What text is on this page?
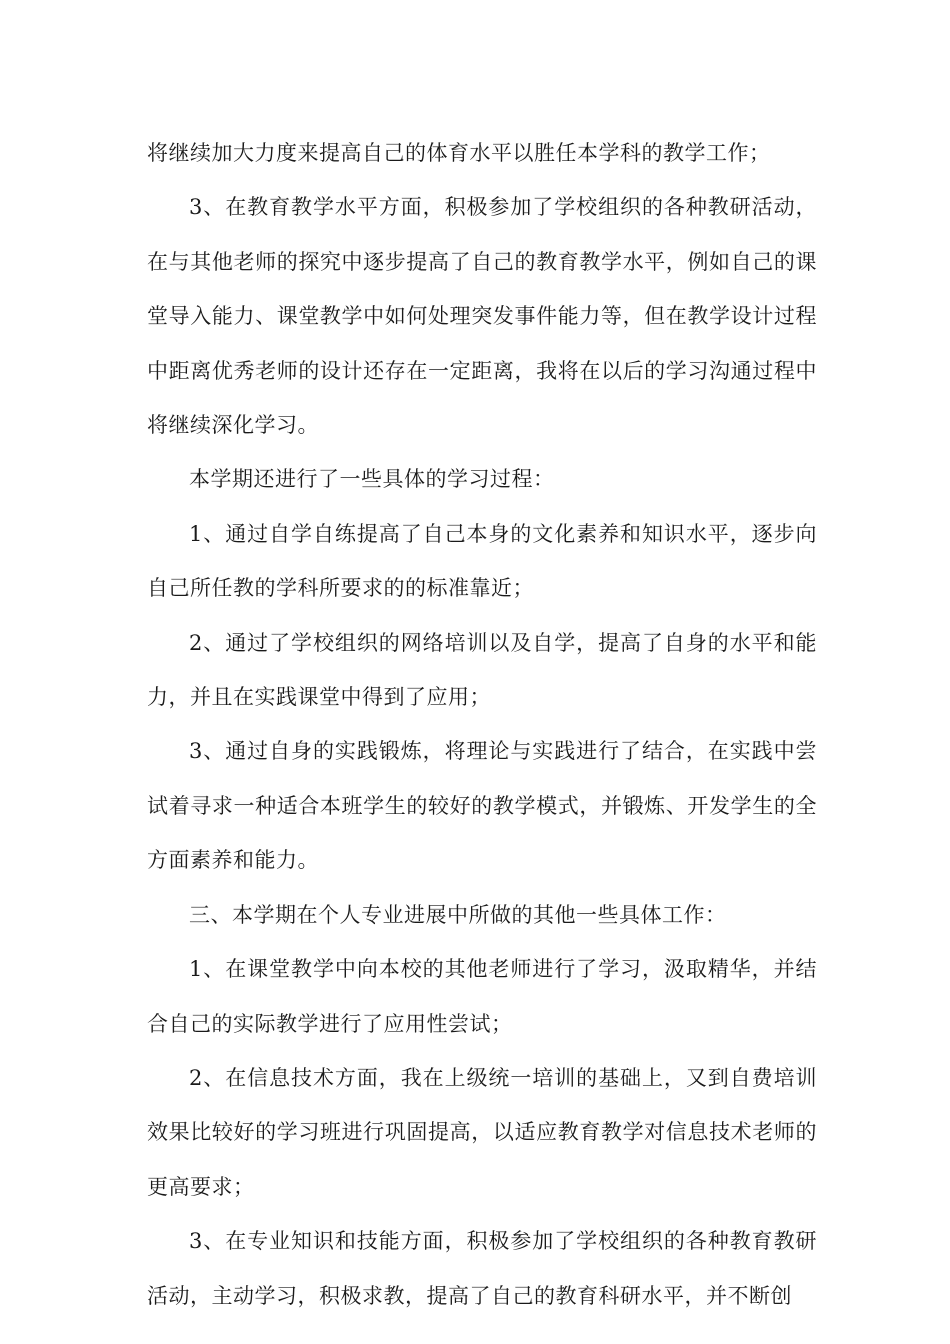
将继续加大力度来提高自己的体育水平以胜任本学科的教学工作；

3、在教育教学水平方面，积极参加了学校组织的各种教研活动，在与其他老师的探究中逐步提高了自己的教育教学水平，例如自己的课堂导入能力、课堂教学中如何处理突发事件能力等，但在教学设计过程中距离优秀老师的设计还存在一定距离，我将在以后的学习沟通过程中将继续深化学习。

本学期还进行了一些具体的学习过程：

1、通过自学自练提高了自己本身的文化素养和知识水平，逐步向自己所任教的学科所要求的的标准靠近；

2、通过了学校组织的网络培训以及自学，提高了自身的水平和能力，并且在实践课堂中得到了应用；

3、通过自身的实践锻炼，将理论与实践进行了结合，在实践中尝试着寻求一种适合本班学生的较好的教学模式，并锻炼、开发学生的全方面素养和能力。

三、本学期在个人专业进展中所做的其他一些具体工作：

1、在课堂教学中向本校的其他老师进行了学习，汲取精华，并结合自己的实际教学进行了应用性尝试；

2、在信息技术方面，我在上级统一培训的基础上，又到自费培训效果比较好的学习班进行巩固提高，以适应教育教学对信息技术老师的更高要求；

3、在专业知识和技能方面，积极参加了学校组织的各种教育教研活动，主动学习，积极求教，提高了自己的教育科研水平，并不断创
